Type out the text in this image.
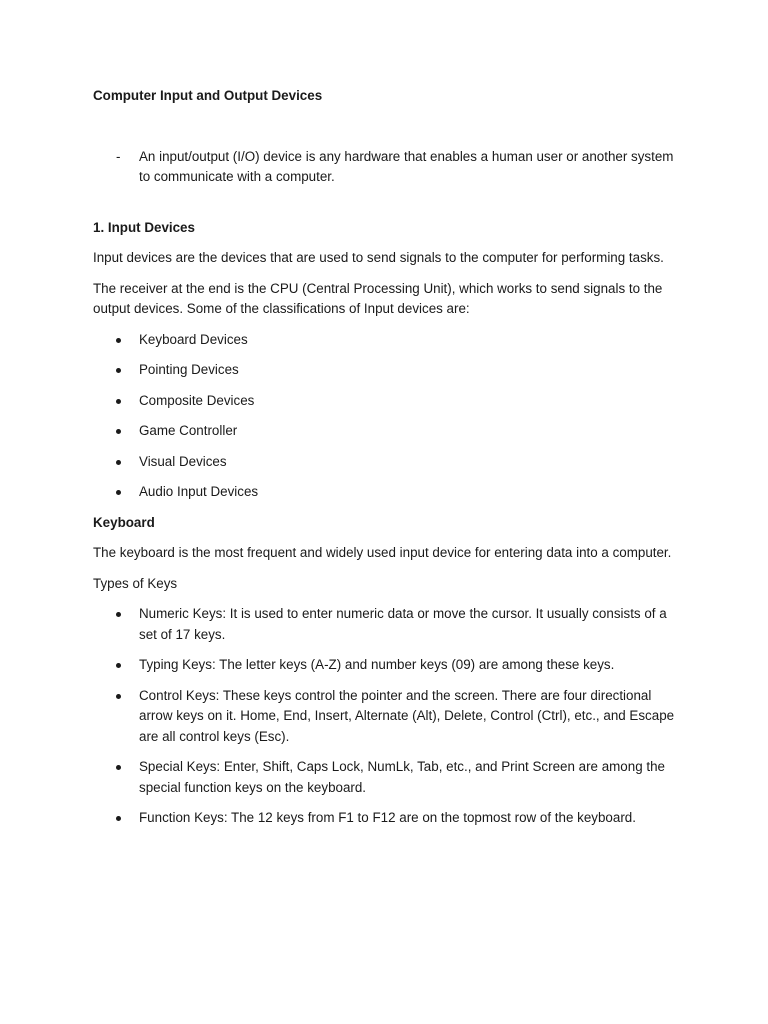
Computer Input and Output Devices

- An input/output (I/O) device is any hardware that enables a human user or another system to communicate with a computer.

1. Input Devices

Input devices are the devices that are used to send signals to the computer for performing tasks.

The receiver at the end is the CPU (Central Processing Unit), which works to send signals to the output devices. Some of the classifications of Input devices are:

Keyboard Devices
Pointing Devices
Composite Devices
Game Controller
Visual Devices
Audio Input Devices

Keyboard

The keyboard is the most frequent and widely used input device for entering data into a computer.

Types of Keys

Numeric Keys: It is used to enter numeric data or move the cursor. It usually consists of a set of 17 keys.
Typing Keys: The letter keys (A-Z) and number keys (09) are among these keys.
Control Keys: These keys control the pointer and the screen. There are four directional arrow keys on it. Home, End, Insert, Alternate (Alt), Delete, Control (Ctrl), etc., and Escape are all control keys (Esc).
Special Keys: Enter, Shift, Caps Lock, NumLk, Tab, etc., and Print Screen are among the special function keys on the keyboard.
Function Keys: The 12 keys from F1 to F12 are on the topmost row of the keyboard.
